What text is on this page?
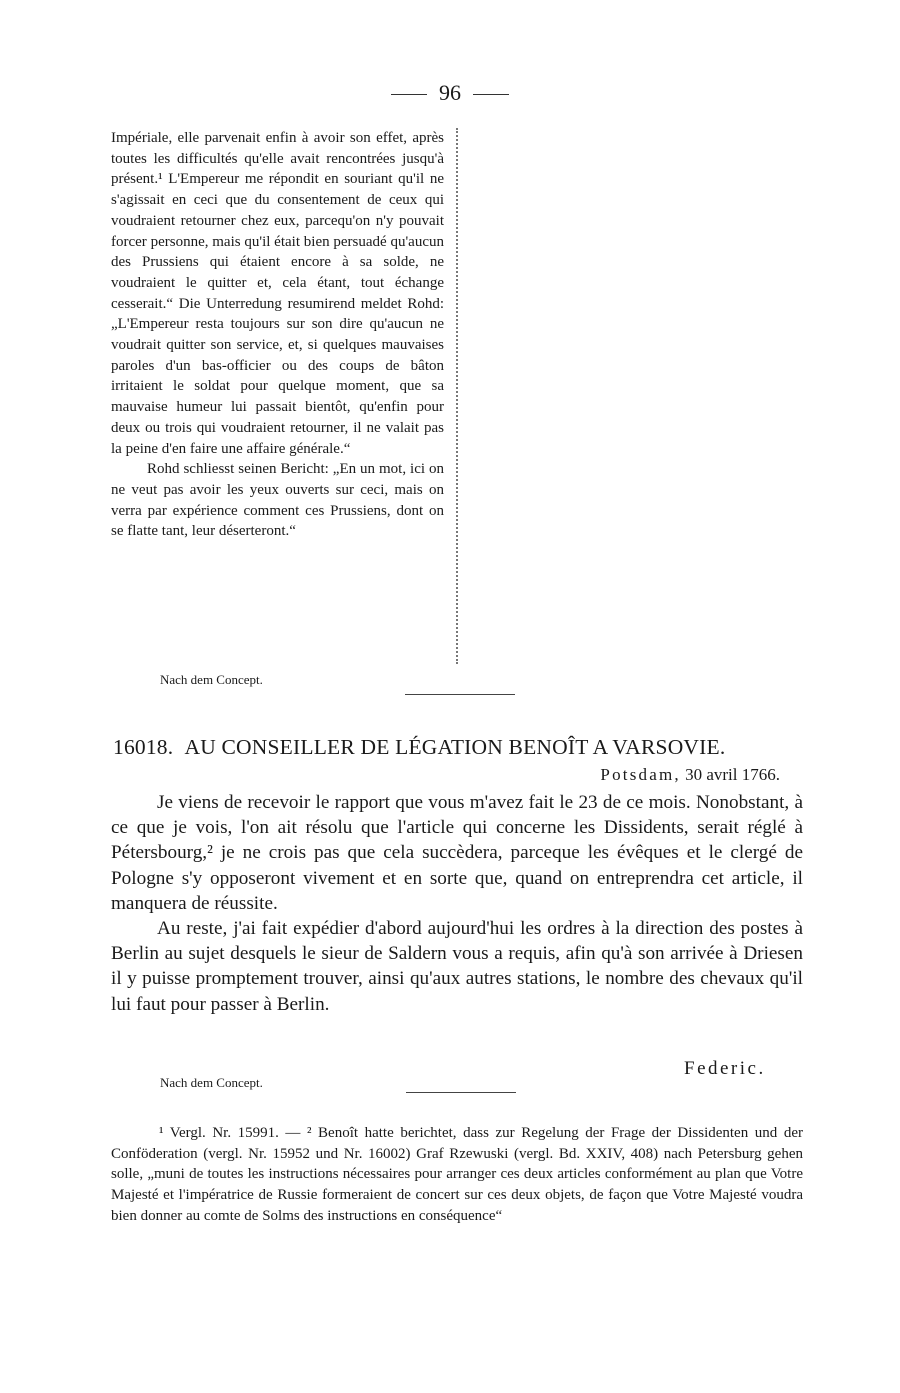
96

Impériale, elle parvenait enfin à avoir son effet, après toutes les difficultés qu'elle avait rencontrées jusqu'à présent.¹ L'Empereur me répondit en souriant qu'il ne s'agissait en ceci que du consentement de ceux qui voudraient retourner chez eux, parcequ'on n'y pouvait forcer personne, mais qu'il était bien persuadé qu'aucun des Prussiens qui étaient encore à sa solde, ne voudraient le quitter et, cela étant, tout échange cesserait.“ Die Unterredung resumirend meldet Rohd: „L'Empereur resta toujours sur son dire qu'aucun ne voudrait quitter son service, et, si quelques mauvaises paroles d'un bas-officier ou des coups de bâton irritaient le soldat pour quelque moment, que sa mauvaise humeur lui passait bientôt, qu'enfin pour deux ou trois qui voudraient retourner, il ne valait pas la peine d'en faire une affaire générale.“

Rohd schliesst seinen Bericht: „En un mot, ici on ne veut pas avoir les yeux ouverts sur ceci, mais on verra par expérience comment ces Prussiens, dont on se flatte tant, leur déserteront.“

Nach dem Concept.
16018. AU CONSEILLER DE LÉGATION BENOÎT A VARSOVIE.
Potsdam, 30 avril 1766.

Je viens de recevoir le rapport que vous m'avez fait le 23 de ce mois. Nonobstant, à ce que je vois, l'on ait résolu que l'article qui concerne les Dissidents, serait réglé à Pétersbourg,² je ne crois pas que cela succèdera, parceque les évêques et le clergé de Pologne s'y opposeront vivement et en sorte que, quand on entreprendra cet article, il manquera de réussite.

Au reste, j'ai fait expédier d'abord aujourd'hui les ordres à la direction des postes à Berlin au sujet desquels le sieur de Saldern vous a requis, afin qu'à son arrivée à Driesen il y puisse promptement trouver, ainsi qu'aux autres stations, le nombre des chevaux qu'il lui faut pour passer à Berlin.

Federic.
Nach dem Concept.

¹ Vergl. Nr. 15991. — ² Benoît hatte berichtet, dass zur Regelung der Frage der Dissidenten und der Conföderation (vergl. Nr. 15952 und Nr. 16002) Graf Rzewuski (vergl. Bd. XXIV, 408) nach Petersburg gehen solle, „muni de toutes les instructions nécessaires pour arranger ces deux articles conformément au plan que Votre Majesté et l'impératrice de Russie formeraient de concert sur ces deux objets, de façon que Votre Majesté voudra bien donner au comte de Solms des instructions en conséquence“
